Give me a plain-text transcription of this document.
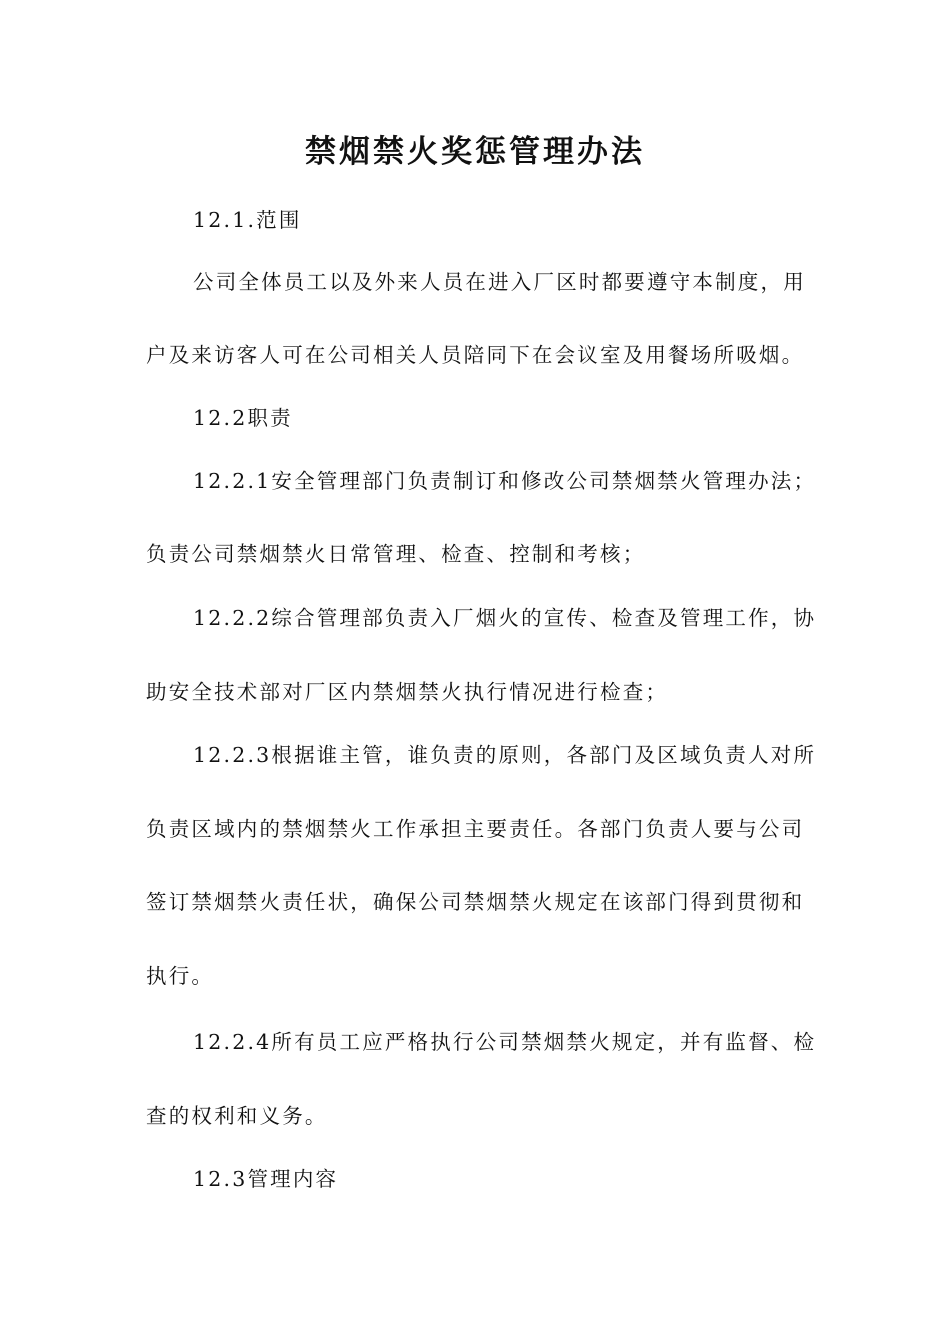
禁烟禁火奖惩管理办法
12.1.范围
公司全体员工以及外来人员在进入厂区时都要遵守本制度，用
户及来访客人可在公司相关人员陪同下在会议室及用餐场所吸烟。
12.2职责
12.2.1安全管理部门负责制订和修改公司禁烟禁火管理办法；
负责公司禁烟禁火日常管理、检查、控制和考核；
12.2.2综合管理部负责入厂烟火的宣传、检查及管理工作，协
助安全技术部对厂区内禁烟禁火执行情况进行检查；
12.2.3根据谁主管，谁负责的原则，各部门及区域负责人对所
负责区域内的禁烟禁火工作承担主要责任。各部门负责人要与公司
签订禁烟禁火责任状，确保公司禁烟禁火规定在该部门得到贯彻和
执行。
12.2.4所有员工应严格执行公司禁烟禁火规定，并有监督、检
查的权利和义务。
12.3管理内容
